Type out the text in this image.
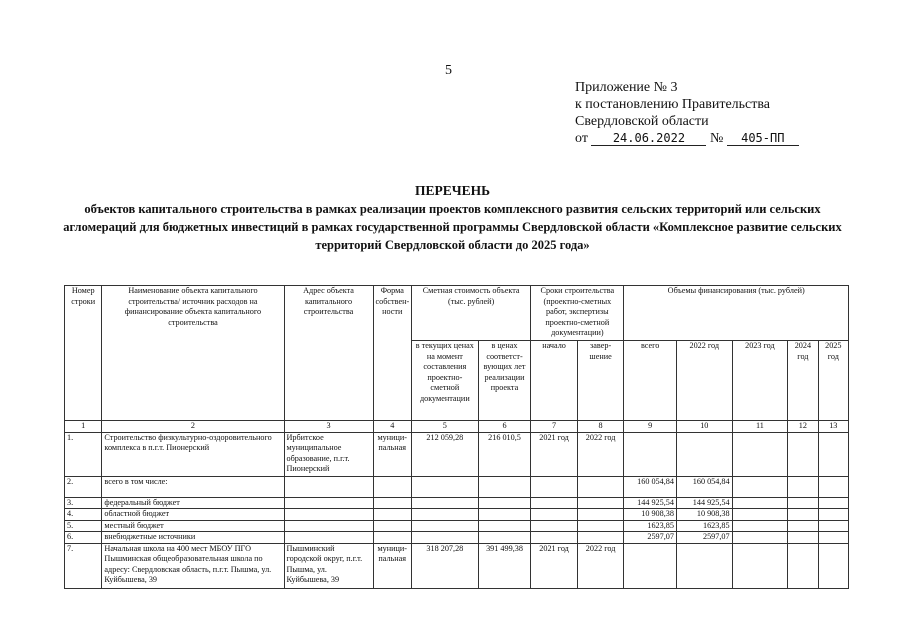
5
Приложение № 3
к постановлению Правительства
Свердловской области
от 24.06.2022 № 405-ПП
ПЕРЕЧЕНЬ
объектов капитального строительства в рамках реализации проектов комплексного развития сельских территорий или сельских агломераций для бюджетных инвестиций в рамках государственной программы Свердловской области «Комплексное развитие сельских территорий Свердловской области до 2025 года»
Номер строки	Наименование объекта капитального строительства/ источник расходов на финансирование объекта капитального строительства	Адрес объекта капитального строительства	Форма собствен-ности	Сметная стоимость объекта (тыс. рублей)		Сроки строительства (проектно-сметных работ, экспертизы проектно-сметной документации)		Объемы финансирования (тыс. рублей)				
				в текущих ценах на момент составления проектно-сметной документации	в ценах соответст-вующих лет реализации проекта	начало	завер-шение	всего	2022 год	2023 год	2024 год	2025 год
1	2	3	4	5	6	7	8	9	10	11	12	13
1.	Строительство физкультурно-оздоровительного комплекса в п.г.т. Пионерский	Ирбитское муниципальное образование, п.г.т. Пионерский	муници-пальная	212 059,28	216 010,5	2021 год	2022 год					
2.	всего в том числе:							160 054,84	160 054,84			
3.	федеральный бюджет							144 925,54	144 925,54			
4.	областной бюджет							10 908,38	10 908,38			
5.	местный бюджет							1623,85	1623,85			
6.	внебюджетные источники							2597,07	2597,07			
7.	Начальная школа на 400 мест МБОУ ПГО Пышминская общеобразовательная школа по адресу: Свердловская область, п.г.т. Пышма, ул. Куйбышева, 39	Пышминский городской округ, п.г.т. Пышма, ул. Куйбышева, 39	муници-пальная	318 207,28	391 499,38	2021 год	2022 год					
